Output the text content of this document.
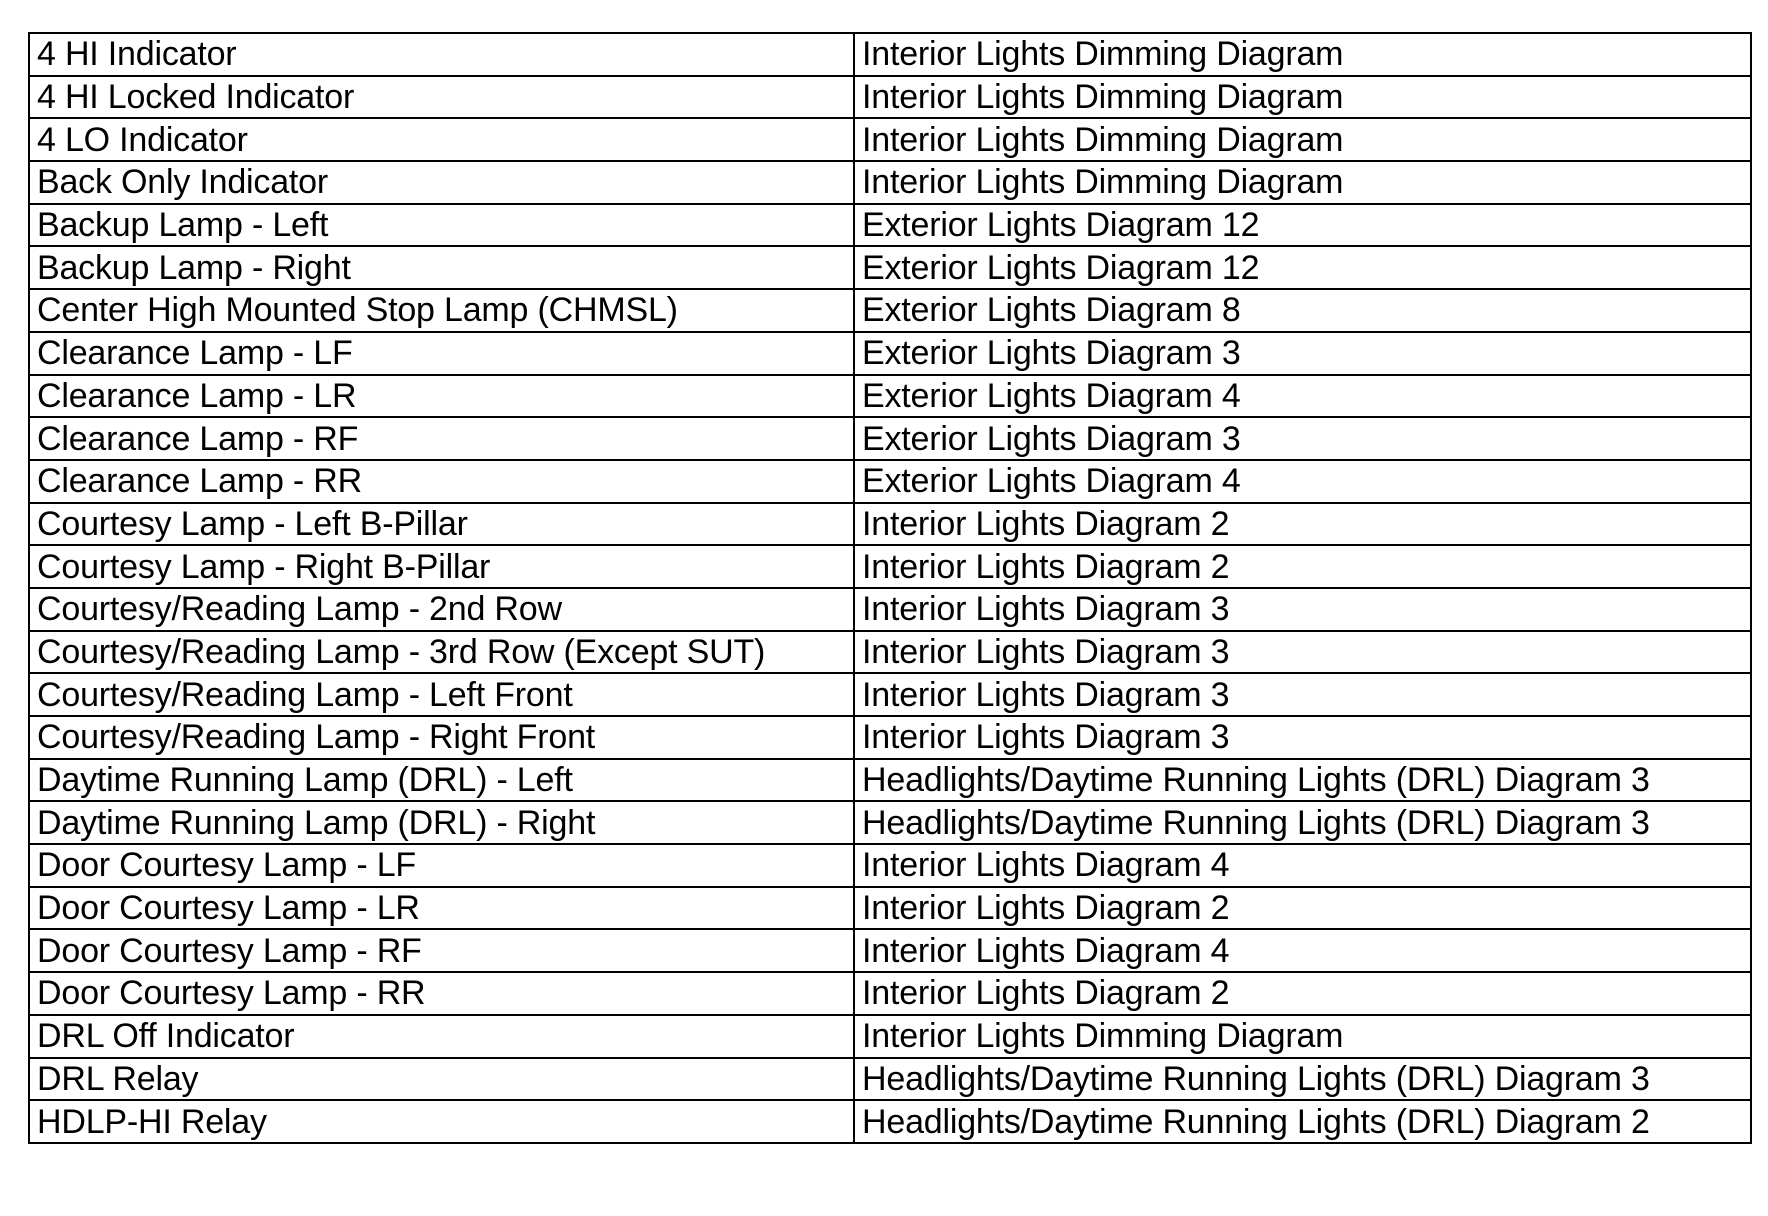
4 HI Indicator	Interior Lights Dimming Diagram
4 HI Locked Indicator	Interior Lights Dimming Diagram
4 LO Indicator	Interior Lights Dimming Diagram
Back Only Indicator	Interior Lights Dimming Diagram
Backup Lamp - Left	Exterior Lights Diagram 12
Backup Lamp - Right	Exterior Lights Diagram 12
Center High Mounted Stop Lamp (CHMSL)	Exterior Lights Diagram 8
Clearance Lamp - LF	Exterior Lights Diagram 3
Clearance Lamp - LR	Exterior Lights Diagram 4
Clearance Lamp - RF	Exterior Lights Diagram 3
Clearance Lamp - RR	Exterior Lights Diagram 4
Courtesy Lamp - Left B-Pillar	Interior Lights Diagram 2
Courtesy Lamp - Right B-Pillar	Interior Lights Diagram 2
Courtesy/Reading Lamp - 2nd Row	Interior Lights Diagram 3
Courtesy/Reading Lamp - 3rd Row (Except SUT)	Interior Lights Diagram 3
Courtesy/Reading Lamp - Left Front	Interior Lights Diagram 3
Courtesy/Reading Lamp - Right Front	Interior Lights Diagram 3
Daytime Running Lamp (DRL) - Left	Headlights/Daytime Running Lights (DRL) Diagram 3
Daytime Running Lamp (DRL) - Right	Headlights/Daytime Running Lights (DRL) Diagram 3
Door Courtesy Lamp - LF	Interior Lights Diagram 4
Door Courtesy Lamp - LR	Interior Lights Diagram 2
Door Courtesy Lamp - RF	Interior Lights Diagram 4
Door Courtesy Lamp - RR	Interior Lights Diagram 2
DRL Off Indicator	Interior Lights Dimming Diagram
DRL Relay	Headlights/Daytime Running Lights (DRL) Diagram 3
HDLP-HI Relay	Headlights/Daytime Running Lights (DRL) Diagram 2
